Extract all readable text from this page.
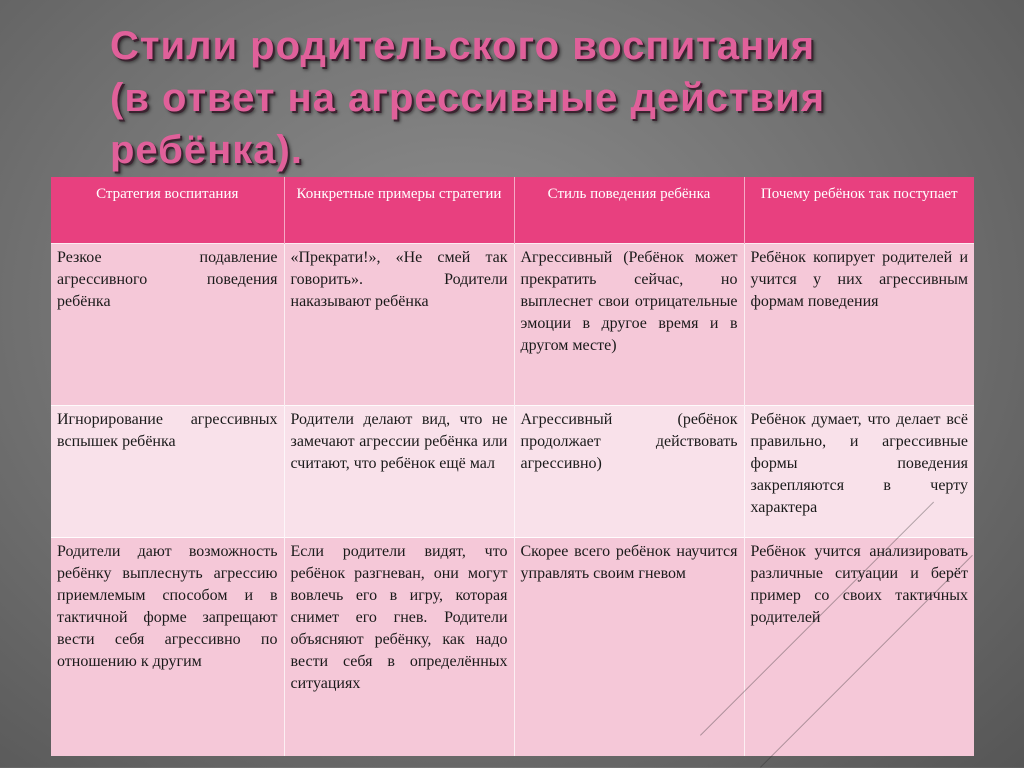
Стили родительского воспитания
(в ответ на агрессивные действия
ребёнка).
Стратегия воспитания	Конкретные примеры стратегии	Стиль поведения ребёнка	Почему ребёнок так поступает
Резкое подавление агрессивного поведения ребёнка	«Прекрати!», «Не смей так говорить». Родители наказывают ребёнка	Агрессивный (Ребёнок может прекратить сейчас, но выплеснет свои отрицательные эмоции в другое время и в другом месте)	Ребёнок копирует родителей и учится у них агрессивным формам поведения
Игнорирование агрессивных вспышек ребёнка	Родители делают вид, что не замечают агрессии ребёнка или считают, что ребёнок ещё мал	Агрессивный (ребёнок продолжает действовать агрессивно)	Ребёнок думает, что делает всё правильно, и агрессивные формы поведения закрепляются в черту характера
Родители дают возможность ребёнку выплеснуть агрессию приемлемым способом и в тактичной форме запрещают вести себя агрессивно по отношению к другим	Если родители видят, что ребёнок разгневан, они могут вовлечь его в игру, которая снимет его гнев. Родители объясняют ребёнку, как надо вести себя в определённых ситуациях	Скорее всего ребёнок научится управлять своим гневом	Ребёнок учится анализировать различные ситуации и берёт пример со своих тактичных родителей
